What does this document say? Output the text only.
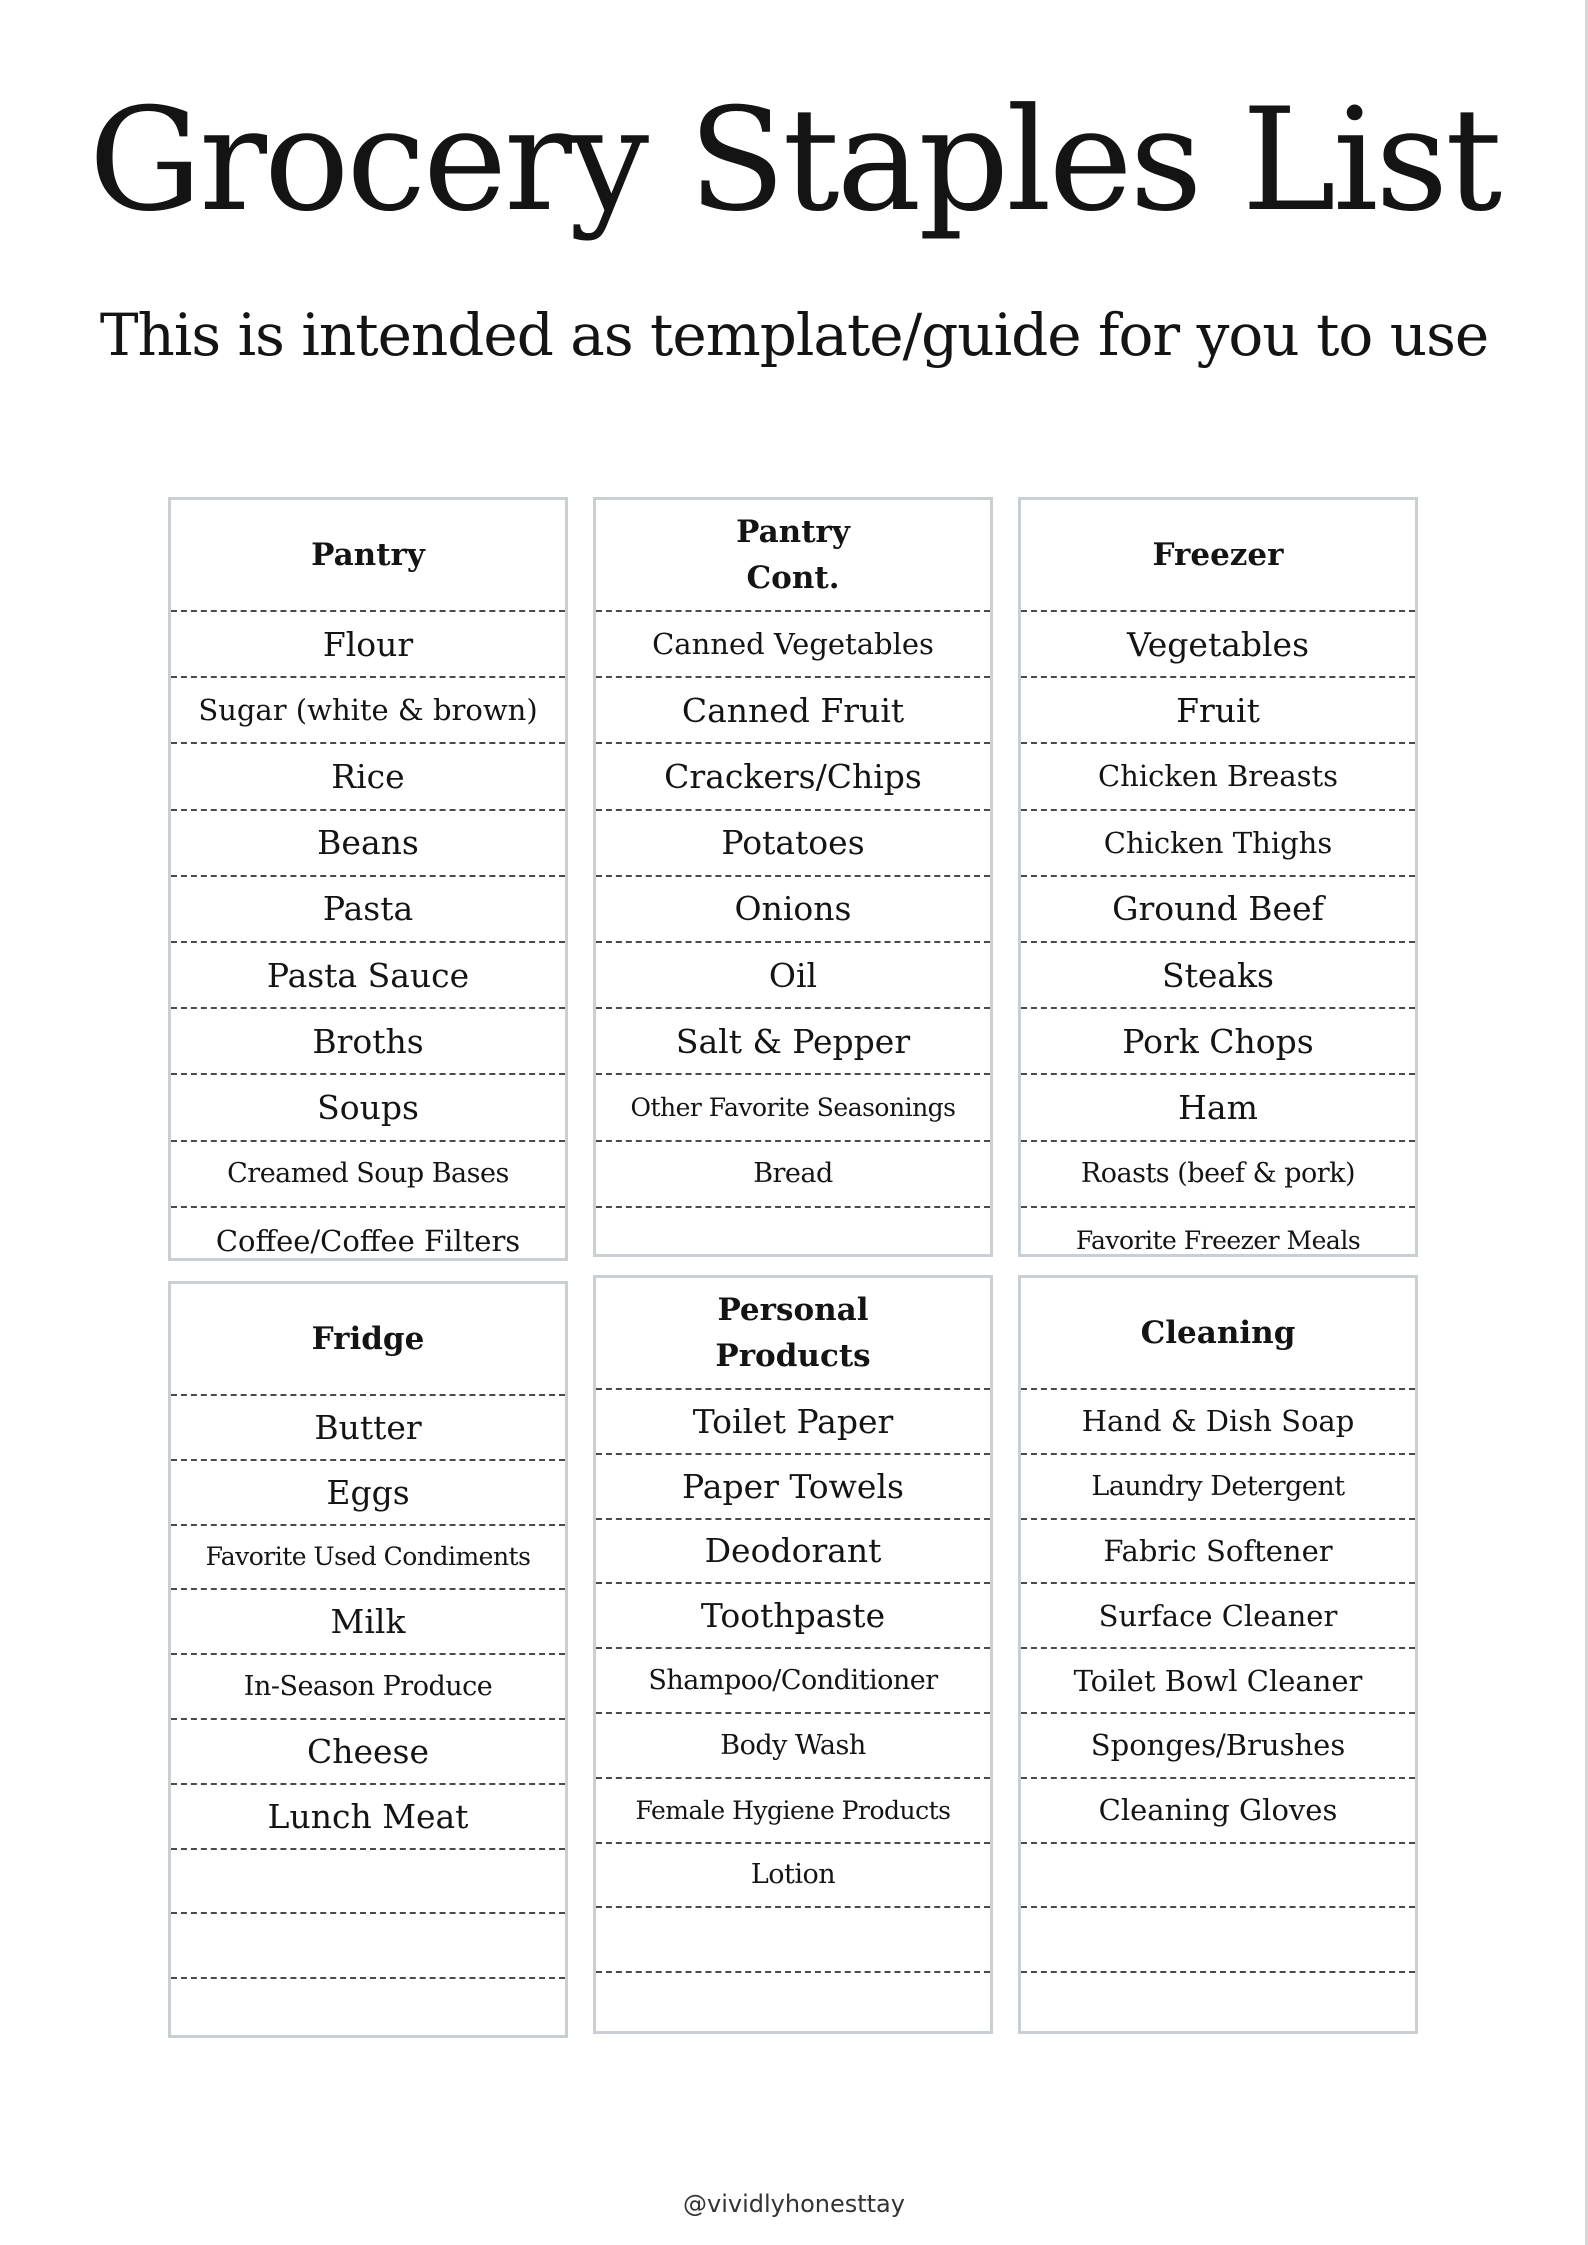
Grocery Staples List

This is intended as template/guide for you to use

Pantry
Flour
Sugar (white & brown)
Rice
Beans
Pasta
Pasta Sauce
Broths
Soups
Creamed Soup Bases
Coffee/Coffee Filters
Pantry
Cont.
Canned Vegetables
Canned Fruit
Crackers/Chips
Potatoes
Onions
Oil
Salt & Pepper
Other Favorite Seasonings
Bread
Freezer
Vegetables
Fruit
Chicken Breasts
Chicken Thighs
Ground Beef
Steaks
Pork Chops
Ham
Roasts (beef & pork)
Favorite Freezer Meals
Fridge
Butter
Eggs
Favorite Used Condiments
Milk
In-Season Produce
Cheese
Lunch Meat
Personal
Products
Toilet Paper
Paper Towels
Deodorant
Toothpaste
Shampoo/Conditioner
Body Wash
Female Hygiene Products
Lotion
Cleaning
Hand & Dish Soap
Laundry Detergent
Fabric Softener
Surface Cleaner
Toilet Bowl Cleaner
Sponges/Brushes
Cleaning Gloves
@vividlyhonesttay
